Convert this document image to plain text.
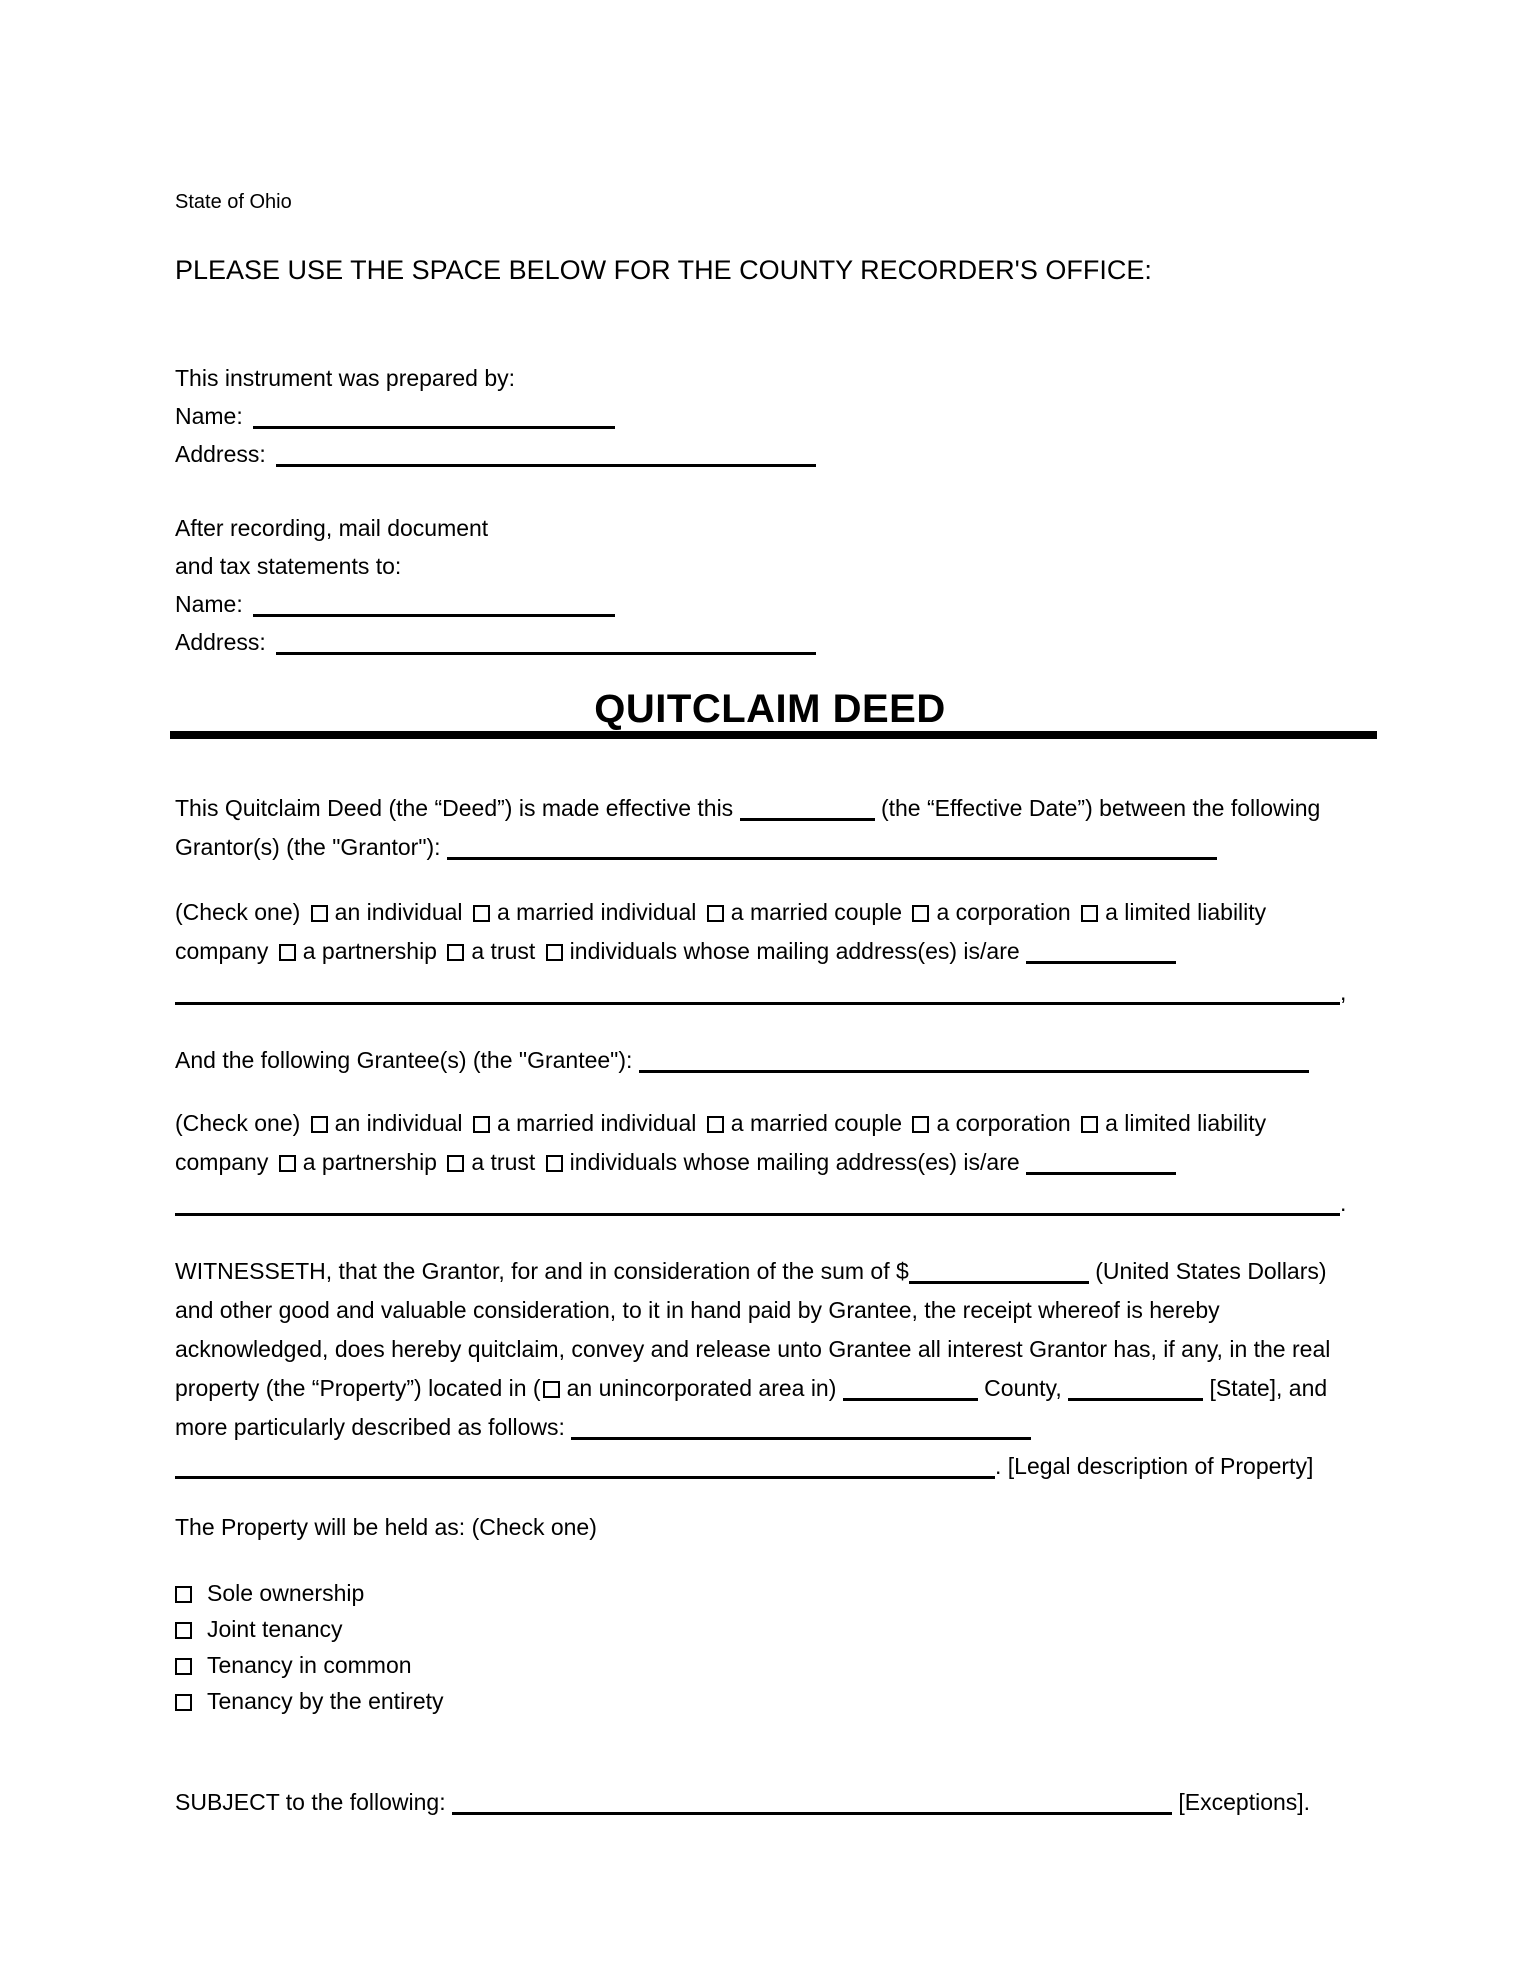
State of Ohio
PLEASE USE THE SPACE BELOW FOR THE COUNTY RECORDER'S OFFICE:
This instrument was prepared by:
Name:
Address:
After recording, mail document
and tax statements to:
Name:
Address:
QUITCLAIM DEED

This Quitclaim Deed (the “Deed”) is made effective this	(the “Effective Date”) between the following Grantor(s) (the "Grantor"):

(Check one) an individual a married individual a married couple a corporation a limited liability company a partnership a trust individuals whose mailing address(es) is/are

,

And the following Grantee(s) (the "Grantee"):

(Check one) an individual a married individual a married couple a corporation a limited liability company a partnership a trust individuals whose mailing address(es) is/are

.

WITNESSETH, that the Grantor, for and in consideration of the sum of $	(United States Dollars) and other good and valuable consideration, to it in hand paid by Grantee, the receipt whereof is hereby acknowledged, does hereby quitclaim, convey and release unto Grantee all interest Grantor has, if any, in the real property (the “Property”) located in ( an unincorporated area in)	County,	[State], and more particularly described as follows:  . [Legal description of Property]

The Property will be held as: (Check one)
Sole ownership
Joint tenancy
Tenancy in common
Tenancy by the entirety

SUBJECT to the following:	[Exceptions].
